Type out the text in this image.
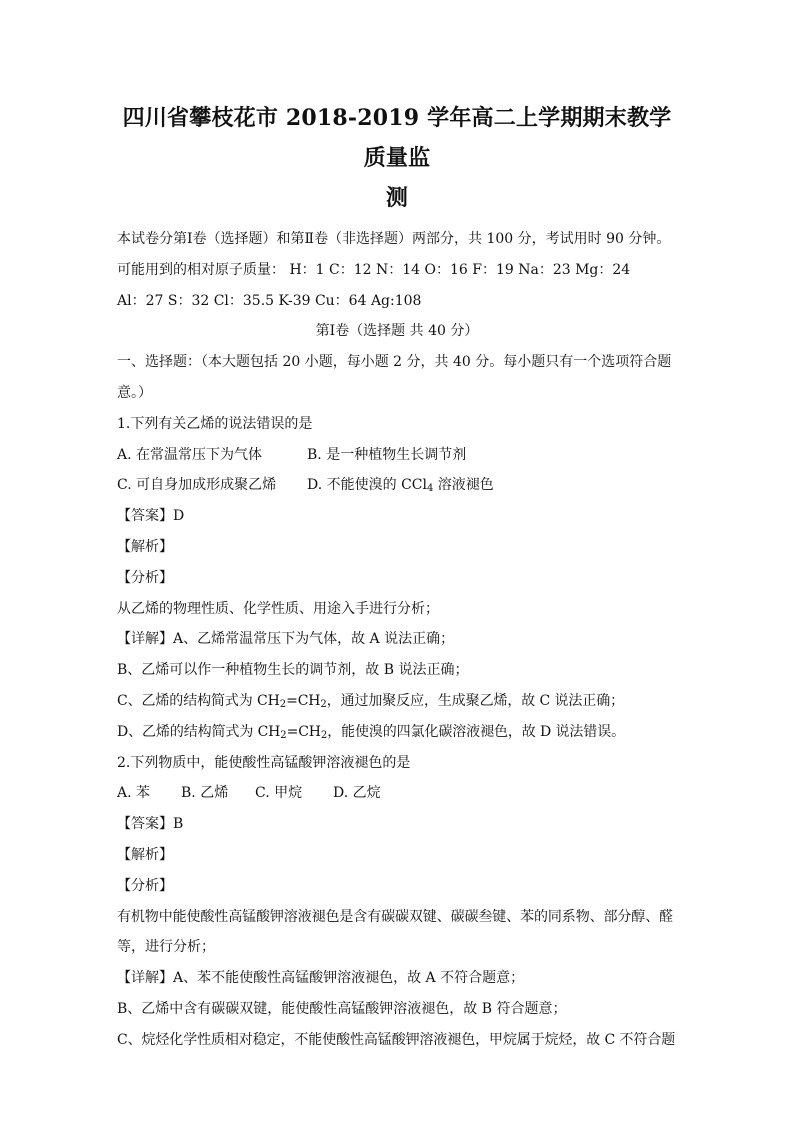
四川省攀枝花市 2018-2019 学年高二上学期期末教学质量监
测

本试卷分第Ⅰ卷（选择题）和第Ⅱ卷（非选择题）两部分，共 100 分，考试用时 90 分钟。

可能用到的相对原子质量： H：1 C：12 N：14 O：16 F：19 Na：23 Mg：24

Al：27 S：32 Cl：35.5 K-39 Cu：64 Ag:108

第Ⅰ卷（选择题 共 40 分）

一、选择题：（本大题包括 20 小题，每小题 2 分，共 40 分。每小题只有一个选项符合题

意。）

1.下列有关乙烯的说法错误的是

A. 在常温常压下为气体	B. 是一种植物生长调节剂

C. 可自身加成形成聚乙烯 D. 不能使溴的 CCl$_4$ 溶液褪色

【答案】D

【解析】

【分析】

从乙烯的物理性质、化学性质、用途入手进行分析；

【详解】A、乙烯常温常压下为气体，故 A 说法正确；

B、乙烯可以作一种植物生长的调节剂，故 B 说法正确；

C、乙烯的结构简式为 $CH_2=CH_2$，通过加聚反应，生成聚乙烯，故 C 说法正确；

D、乙烯的结构简式为 $CH_2=CH_2$，能使溴的四氯化碳溶液褪色，故 D 说法错误。

2.下列物质中，能使酸性高锰酸钾溶液褪色的是

A. 苯 B. 乙烯 C. 甲烷 D. 乙烷

【答案】B

【解析】

【分析】

有机物中能使酸性高锰酸钾溶液褪色是含有碳碳双键、碳碳叁键、苯的同系物、部分醇、醛

等，进行分析；

【详解】A、苯不能使酸性高锰酸钾溶液褪色，故 A 不符合题意；

B、乙烯中含有碳碳双键，能使酸性高锰酸钾溶液褪色，故 B 符合题意；

C、烷烃化学性质相对稳定，不能使酸性高锰酸钾溶液褪色，甲烷属于烷烃，故 C 不符合题
